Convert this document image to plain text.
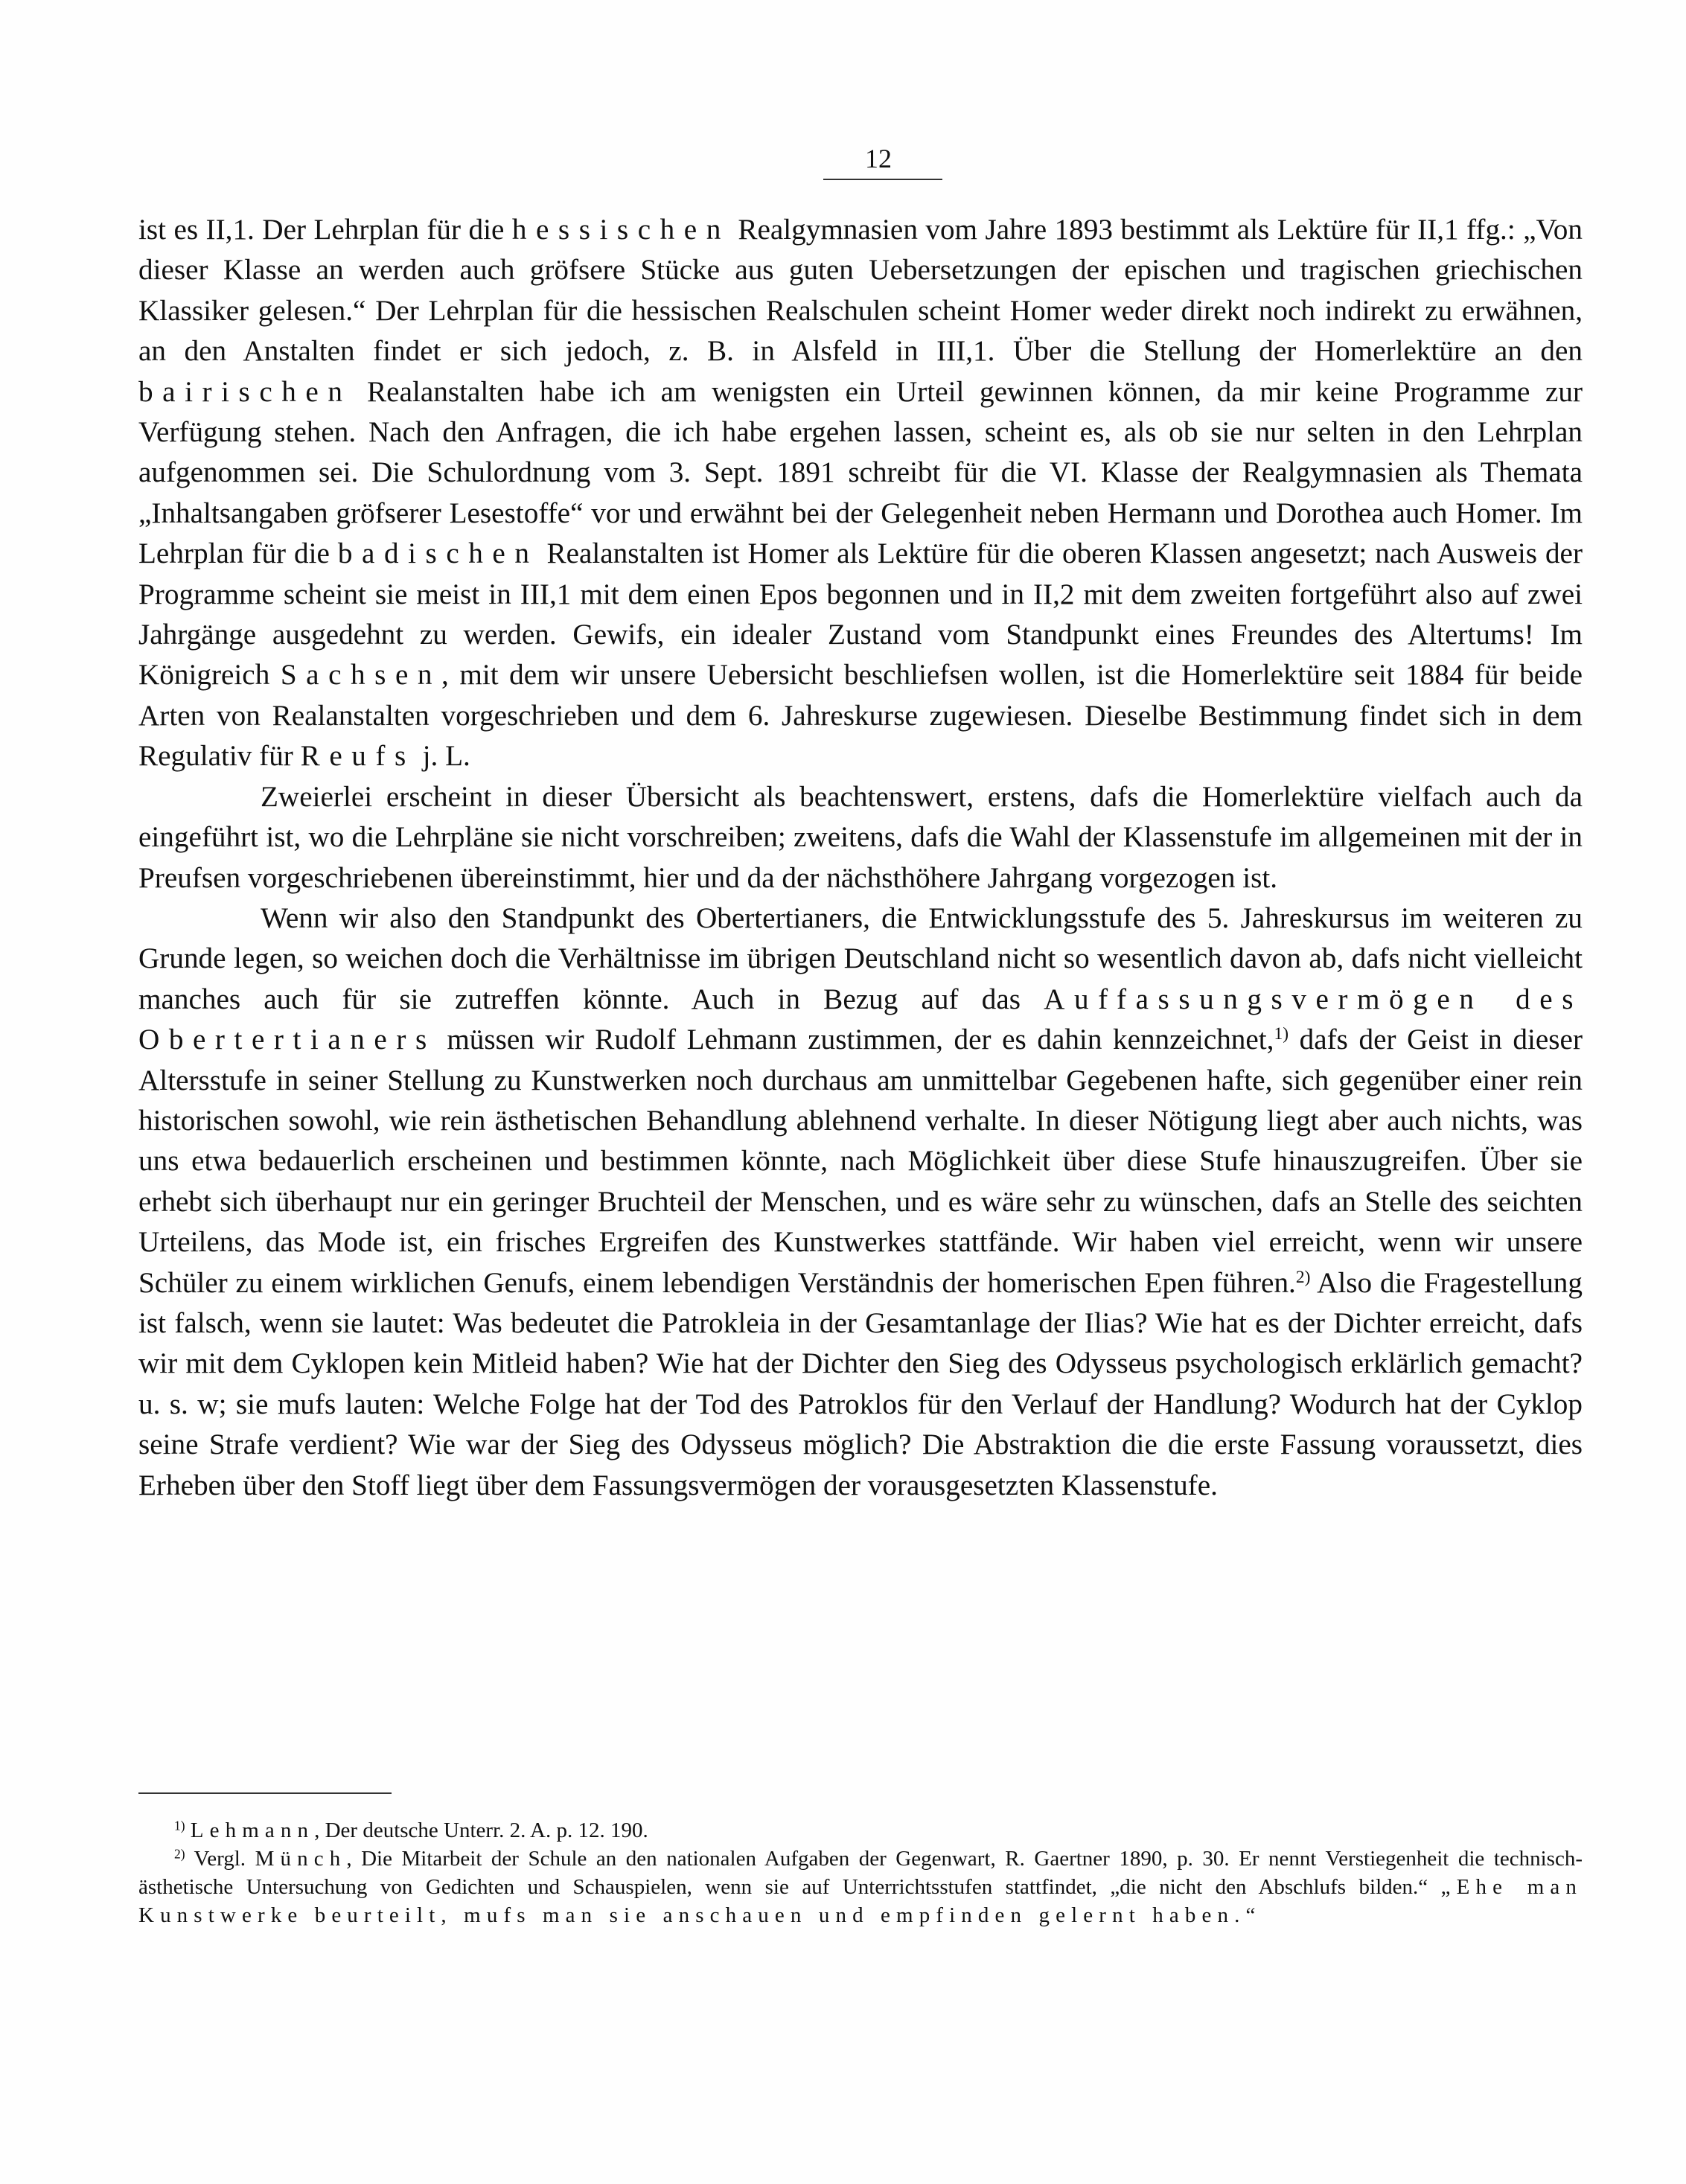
12

ist es II,1. Der Lehrplan für die hessischen Realgymnasien vom Jahre 1893 bestimmt als Lektüre für II,1 ffg.: „Von dieser Klasse an werden auch gröfsere Stücke aus guten Uebersetzungen der epischen und tragischen griechischen Klassiker gelesen.“ Der Lehrplan für die hessischen Realschulen scheint Homer weder direkt noch indirekt zu erwähnen, an den Anstalten findet er sich jedoch, z. B. in Alsfeld in III,1. Über die Stellung der Homerlektüre an den bairischen Realanstalten habe ich am wenigsten ein Urteil gewinnen können, da mir keine Programme zur Verfügung stehen. Nach den Anfragen, die ich habe ergehen lassen, scheint es, als ob sie nur selten in den Lehrplan aufgenommen sei. Die Schulordnung vom 3. Sept. 1891 schreibt für die VI. Klasse der Realgymnasien als Themata „Inhaltsangaben gröfserer Lesestoffe“ vor und erwähnt bei der Gelegenheit neben Hermann und Dorothea auch Homer. Im Lehrplan für die badischen Realanstalten ist Homer als Lektüre für die oberen Klassen angesetzt; nach Ausweis der Programme scheint sie meist in III,1 mit dem einen Epos begonnen und in II,2 mit dem zweiten fortgeführt also auf zwei Jahrgänge ausgedehnt zu werden. Gewifs, ein idealer Zustand vom Standpunkt eines Freundes des Altertums! Im Königreich Sachsen, mit dem wir unsere Uebersicht beschliefsen wollen, ist die Homerlektüre seit 1884 für beide Arten von Realanstalten vorgeschrieben und dem 6. Jahreskurse zugewiesen. Dieselbe Bestimmung findet sich in dem Regulativ für Reufs j. L.

Zweierlei erscheint in dieser Übersicht als beachtenswert, erstens, dafs die Homerlektüre vielfach auch da eingeführt ist, wo die Lehrpläne sie nicht vorschreiben; zweitens, dafs die Wahl der Klassenstufe im allgemeinen mit der in Preufsen vorgeschriebenen übereinstimmt, hier und da der nächsthöhere Jahrgang vorgezogen ist.

Wenn wir also den Standpunkt des Obertertianers, die Entwicklungsstufe des 5. Jahreskursus im weiteren zu Grunde legen, so weichen doch die Verhältnisse im übrigen Deutschland nicht so wesentlich davon ab, dafs nicht vielleicht manches auch für sie zutreffen könnte. Auch in Bezug auf das Auffassungsvermögen des Obertertianers müssen wir Rudolf Lehmann zustimmen, der es dahin kennzeichnet,$^{1)}$ dafs der Geist in dieser Altersstufe in seiner Stellung zu Kunstwerken noch durchaus am unmittelbar Gegebenen hafte, sich gegenüber einer rein historischen sowohl, wie rein ästhetischen Behandlung ablehnend verhalte. In dieser Nötigung liegt aber auch nichts, was uns etwa bedauerlich erscheinen und bestimmen könnte, nach Möglichkeit über diese Stufe hinauszugreifen. Über sie erhebt sich überhaupt nur ein geringer Bruchteil der Menschen, und es wäre sehr zu wünschen, dafs an Stelle des seichten Urteilens, das Mode ist, ein frisches Ergreifen des Kunstwerkes stattfände. Wir haben viel erreicht, wenn wir unsere Schüler zu einem wirklichen Genufs, einem lebendigen Verständnis der homerischen Epen führen.$^{2)}$ Also die Fragestellung ist falsch, wenn sie lautet: Was bedeutet die Patrokleia in der Gesamtanlage der Ilias? Wie hat es der Dichter erreicht, dafs wir mit dem Cyklopen kein Mitleid haben? Wie hat der Dichter den Sieg des Odysseus psychologisch erklärlich gemacht? u. s. w; sie mufs lauten: Welche Folge hat der Tod des Patroklos für den Verlauf der Handlung? Wodurch hat der Cyklop seine Strafe verdient? Wie war der Sieg des Odysseus möglich? Die Abstraktion die die erste Fassung voraussetzt, dies Erheben über den Stoff liegt über dem Fassungsvermögen der vorausgesetzten Klassenstufe.

$^{1)}$ Lehmann, Der deutsche Unterr. 2. A. p. 12. 190.

$^{2)}$ Vergl. Münch, Die Mitarbeit der Schule an den nationalen Aufgaben der Gegenwart, R. Gaertner 1890, p. 30. Er nennt Verstiegenheit die technisch-ästhetische Untersuchung von Gedichten und Schauspielen, wenn sie auf Unterrichtsstufen stattfindet, „die nicht den Abschlufs bilden.“ „Ehe man Kunstwerke beurteilt, mufs man sie anschauen und empfinden gelernt haben.“
